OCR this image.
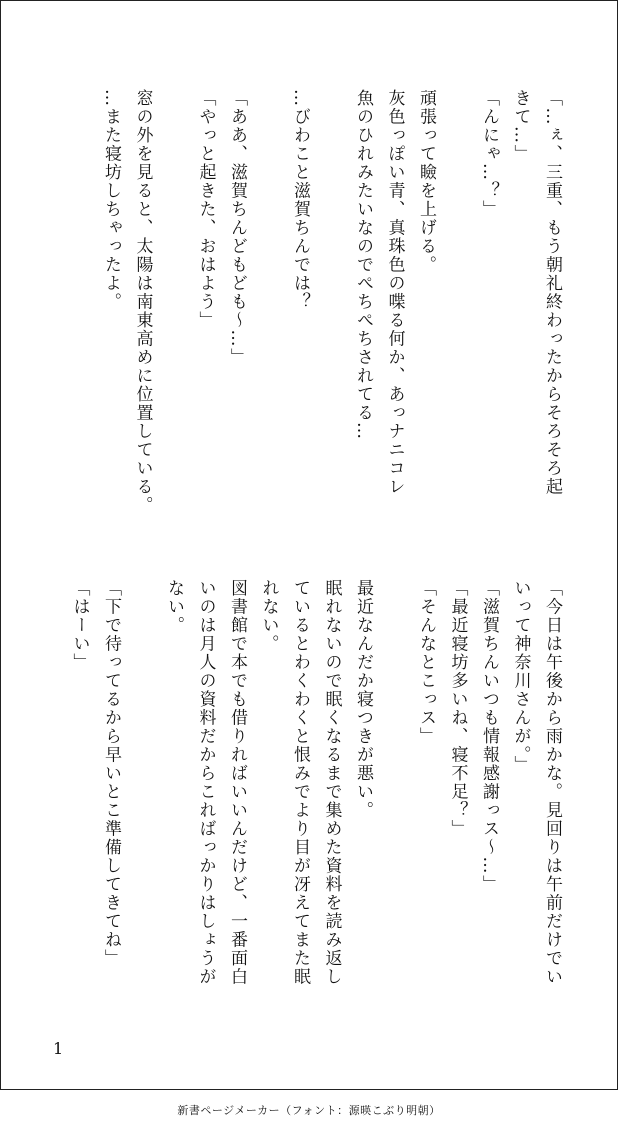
「…ぇ、三重、もう朝礼終わったからそろそろ起
きて…」
「んにゃ…？」
頑張って瞼を上げる。
灰色っぽい青、真珠色の喋る何か、あっナニコレ
魚のひれみたいなのでぺちぺちされてる…
…びわこと滋賀ちんでは？
「ああ、滋賀ちんどもども〜…」
「やっと起きた、おはよう」
窓の外を見ると、太陽は南東高めに位置している。
…また寝坊しちゃったよ。
「今日は午後から雨かな。見回りは午前だけでい
いって神奈川さんが。」
「滋賀ちんいつも情報感謝っス〜…」
「最近寝坊多いね、寝不足？」
「そんなとこっス」
最近なんだか寝つきが悪い。
眠れないので眠くなるまで集めた資料を読み返し
ているとわくわくと恨みでより目が冴えてまた眠
れない。
図書館で本でも借りればいいんだけど、一番面白
いのは月人の資料だからこればっかりはしょうが
ない。
「下で待ってるから早いとこ準備してきてね」
「はーい」
1
新書ページメーカー（フォント：源暎こぶり明朝）
